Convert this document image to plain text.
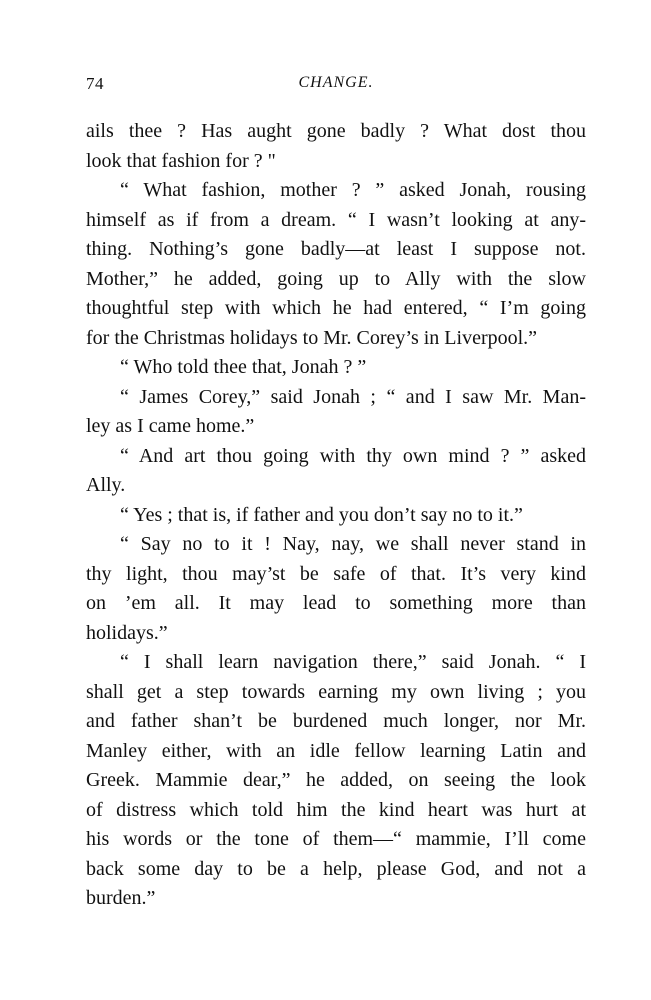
74	CHANGE.

ails thee ? Has aught gone badly ? What dost thou

look that fashion for ? "

“ What fashion, mother ? ” asked Jonah, rousing

himself as if from a dream. “ I wasn’t looking at any-

thing. Nothing’s gone badly—at least I suppose not.

Mother,” he added, going up to Ally with the slow

thoughtful step with which he had entered, “ I’m going

for the Christmas holidays to Mr. Corey’s in Liverpool.”

“ Who told thee that, Jonah ? ”

“ James Corey,” said Jonah ; “ and I saw Mr. Man-

ley as I came home.”

“ And art thou going with thy own mind ? ” asked

Ally.

“ Yes ; that is, if father and you don’t say no to it.”

“ Say no to it ! Nay, nay, we shall never stand in

thy light, thou may’st be safe of that. It’s very kind

on ’em all. It may lead to something more than

holidays.”

“ I shall learn navigation there,” said Jonah. “ I

shall get a step towards earning my own living ; you

and father shan’t be burdened much longer, nor Mr.

Manley either, with an idle fellow learning Latin and

Greek. Mammie dear,” he added, on seeing the look

of distress which told him the kind heart was hurt at

his words or the tone of them—“ mammie, I’ll come

back some day to be a help, please God, and not a

burden.”
